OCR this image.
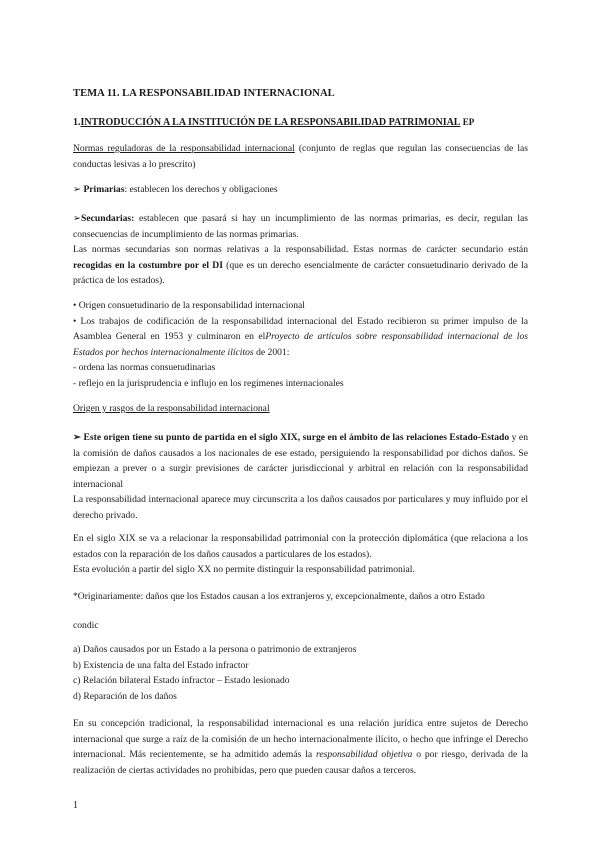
TEMA 11. LA RESPONSABILIDAD INTERNACIONAL

1.INTRODUCCIÓN A LA INSTITUCIÓN DE LA RESPONSABILIDAD PATRIMONIAL EP

Normas reguladoras de la responsabilidad internacional (conjunto de reglas que regulan las consecuencias de las conductas lesivas a lo prescrito)

➢ Primarias: establecen los derechos y obligaciones

➢Secundarias: establecen que pasará si hay un incumplimiento de las normas primarias, es decir, regulan las consecuencias de incumplimiento de las normas primarias.
Las normas secundarias son normas relativas a la responsabilidad. Estas normas de carácter secundario están recogidas en la costumbre por el DI (que es un derecho esencialmente de carácter consuetudinario derivado de la práctica de los estados).

• Origen consuetudinario de la responsabilidad internacional
• Los trabajos de codificación de la responsabilidad internacional del Estado recibieron su primer impulso de la Asamblea General en 1953 y culminaron en elProyecto de artículos sobre responsabilidad internacional de los Estados por hechos internacionalmente ilícitos de 2001:
- ordena las normas consuetudinarias
- reflejo en la jurisprudencia e influjo en los regímenes internacionales

Origen y rasgos de la responsabilidad internacional

➢ Este origen tiene su punto de partida en el siglo XIX, surge en el ámbito de las relaciones Estado-Estado y en la comisión de daños causados a los nacionales de ese estado, persiguiendo la responsabilidad por dichos daños. Se empiezan a prever o a surgir previsiones de carácter jurisdiccional y arbitral en relación con la responsabilidad internacional
La responsabilidad internacional aparece muy circunscrita a los daños causados por particulares y muy influido por el derecho privado.

En el siglo XIX se va a relacionar la responsabilidad patrimonial con la protección diplomática (que relaciona a los estados con la reparación de los daños causados a particulares de los estados).
Esta evolución a partir del siglo XX no permite distinguir la responsabilidad patrimonial.

*Originariamente: daños que los Estados causan a los extranjeros y, excepcionalmente, daños a otro Estado

condic

a) Daños causados por un Estado a la persona o patrimonio de extranjeros
b) Existencia de una falta del Estado infractor
c) Relación bilateral Estado infractor – Estado lesionado
d) Reparación de los daños

En su concepción tradicional, la responsabilidad internacional es una relación jurídica entre sujetos de Derecho internacional que surge a raíz de la comisión de un hecho internacionalmente ilícito, o hecho que infringe el Derecho internacional. Más recientemente, se ha admitido además la responsabilidad objetiva o por riesgo, derivada de la realización de ciertas actividades no prohibidas, pero que pueden causar daños a terceros.

1
